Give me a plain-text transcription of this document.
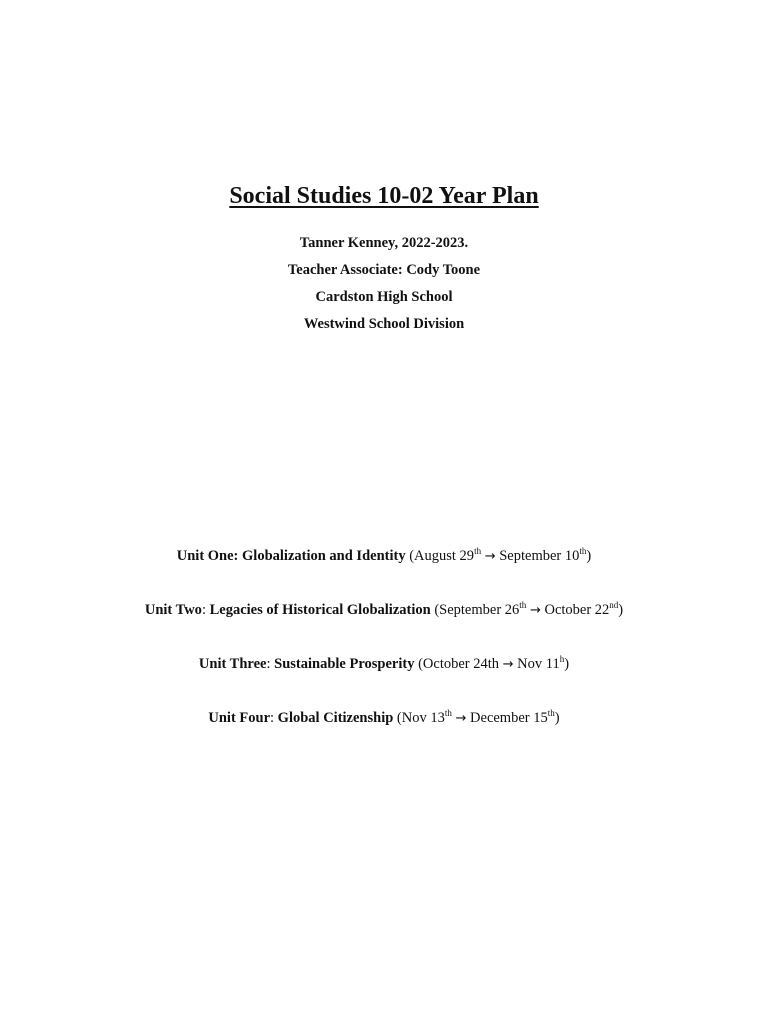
Social Studies 10-02 Year Plan
Tanner Kenney, 2022-2023.
Teacher Associate: Cody Toone
Cardston High School
Westwind School Division
Unit One: Globalization and Identity (August 29th → September 10th)
Unit Two: Legacies of Historical Globalization (September 26th → October 22nd)
Unit Three: Sustainable Prosperity (October 24th → Nov 11$^h$)
Unit Four: Global Citizenship (Nov 13th → December 15th)
